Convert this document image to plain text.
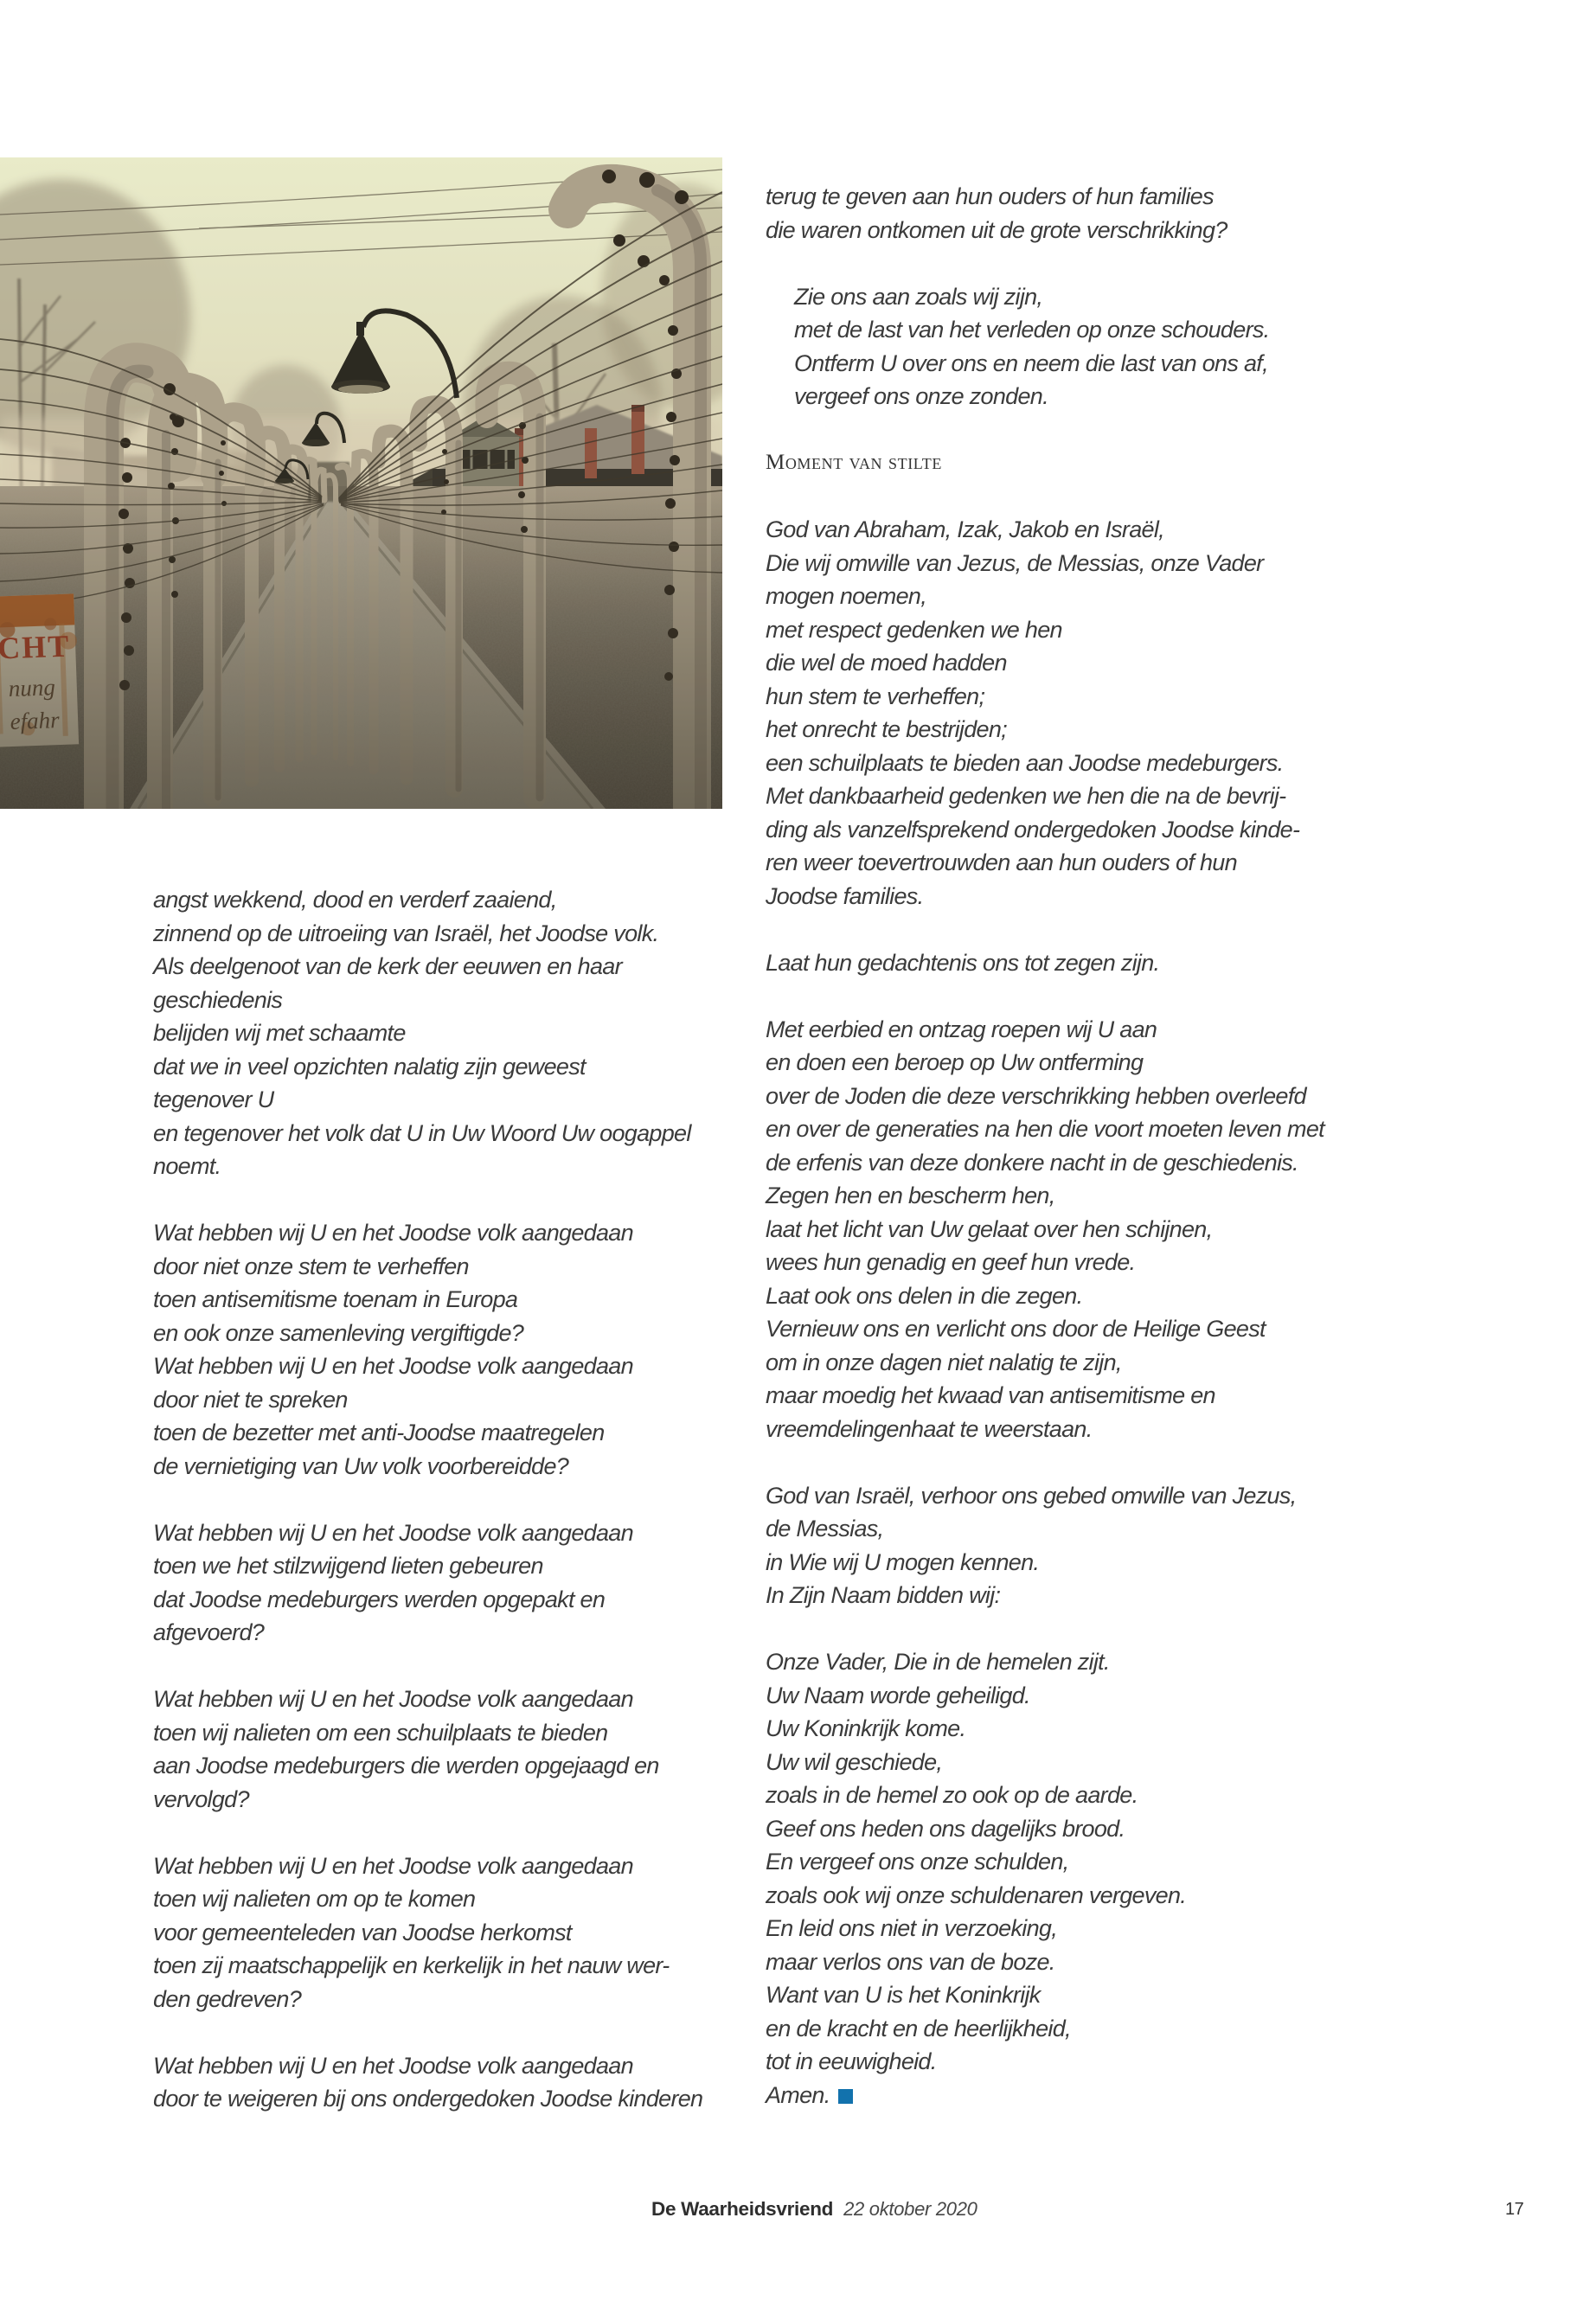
angst wekkend, dood en verderf zaaiend,
zinnend op de uitroeiing van Israël, het Joodse volk.
Als deelgenoot van de kerk der eeuwen en haar
geschiedenis
belijden wij met schaamte
dat we in veel opzichten nalatig zijn geweest
tegenover U
en tegenover het volk dat U in Uw Woord Uw oogappel
noemt.
Wat hebben wij U en het Joodse volk aangedaan
door niet onze stem te verheffen
toen antisemitisme toenam in Europa
en ook onze samenleving vergiftigde?
Wat hebben wij U en het Joodse volk aangedaan
door niet te spreken
toen de bezetter met anti-Joodse maatregelen
de vernietiging van Uw volk voorbereidde?
Wat hebben wij U en het Joodse volk aangedaan
toen we het stilzwijgend lieten gebeuren
dat Joodse medeburgers werden opgepakt en
afgevoerd?
Wat hebben wij U en het Joodse volk aangedaan
toen wij nalieten om een schuilplaats te bieden
aan Joodse medeburgers die werden opgejaagd en
vervolgd?
Wat hebben wij U en het Joodse volk aangedaan
toen wij nalieten om op te komen
voor gemeenteleden van Joodse herkomst
toen zij maatschappelijk en kerkelijk in het nauw wer-
den gedreven?
Wat hebben wij U en het Joodse volk aangedaan
door te weigeren bij ons ondergedoken Joodse kinderen
terug te geven aan hun ouders of hun families
die waren ontkomen uit de grote verschrikking?
Zie ons aan zoals wij zijn,
met de last van het verleden op onze schouders.
Ontferm U over ons en neem die last van ons af,
vergeef ons onze zonden.
Moment van stilte
God van Abraham, Izak, Jakob en Israël,
Die wij omwille van Jezus, de Messias, onze Vader
mogen noemen,
met respect gedenken we hen
die wel de moed hadden
hun stem te verheffen;
het onrecht te bestrijden;
een schuilplaats te bieden aan Joodse medeburgers.
Met dankbaarheid gedenken we hen die na de bevrij-
ding als vanzelfsprekend ondergedoken Joodse kinde-
ren weer toevertrouwden aan hun ouders of hun
Joodse families.
Laat hun gedachtenis ons tot zegen zijn.
Met eerbied en ontzag roepen wij U aan
en doen een beroep op Uw ontferming
over de Joden die deze verschrikking hebben overleefd
en over de generaties na hen die voort moeten leven met
de erfenis van deze donkere nacht in de geschiedenis.
Zegen hen en bescherm hen,
laat het licht van Uw gelaat over hen schijnen,
wees hun genadig en geef hun vrede.
Laat ook ons delen in die zegen.
Vernieuw ons en verlicht ons door de Heilige Geest
om in onze dagen niet nalatig te zijn,
maar moedig het kwaad van antisemitisme en
vreemdelingenhaat te weerstaan.
God van Israël, verhoor ons gebed omwille van Jezus,
de Messias,
in Wie wij U mogen kennen.
In Zijn Naam bidden wij:
Onze Vader, Die in de hemelen zijt.
Uw Naam worde geheiligd.
Uw Koninkrijk kome.
Uw wil geschiede,
zoals in de hemel zo ook op de aarde.
Geef ons heden ons dagelijks brood.
En vergeef ons onze schulden,
zoals ook wij onze schuldenaren vergeven.
En leid ons niet in verzoeking,
maar verlos ons van de boze.
Want van U is het Koninkrijk
en de kracht en de heerlijkheid,
tot in eeuwigheid.
Amen.
De Waarheidsvriend 22 oktober 2020	17
